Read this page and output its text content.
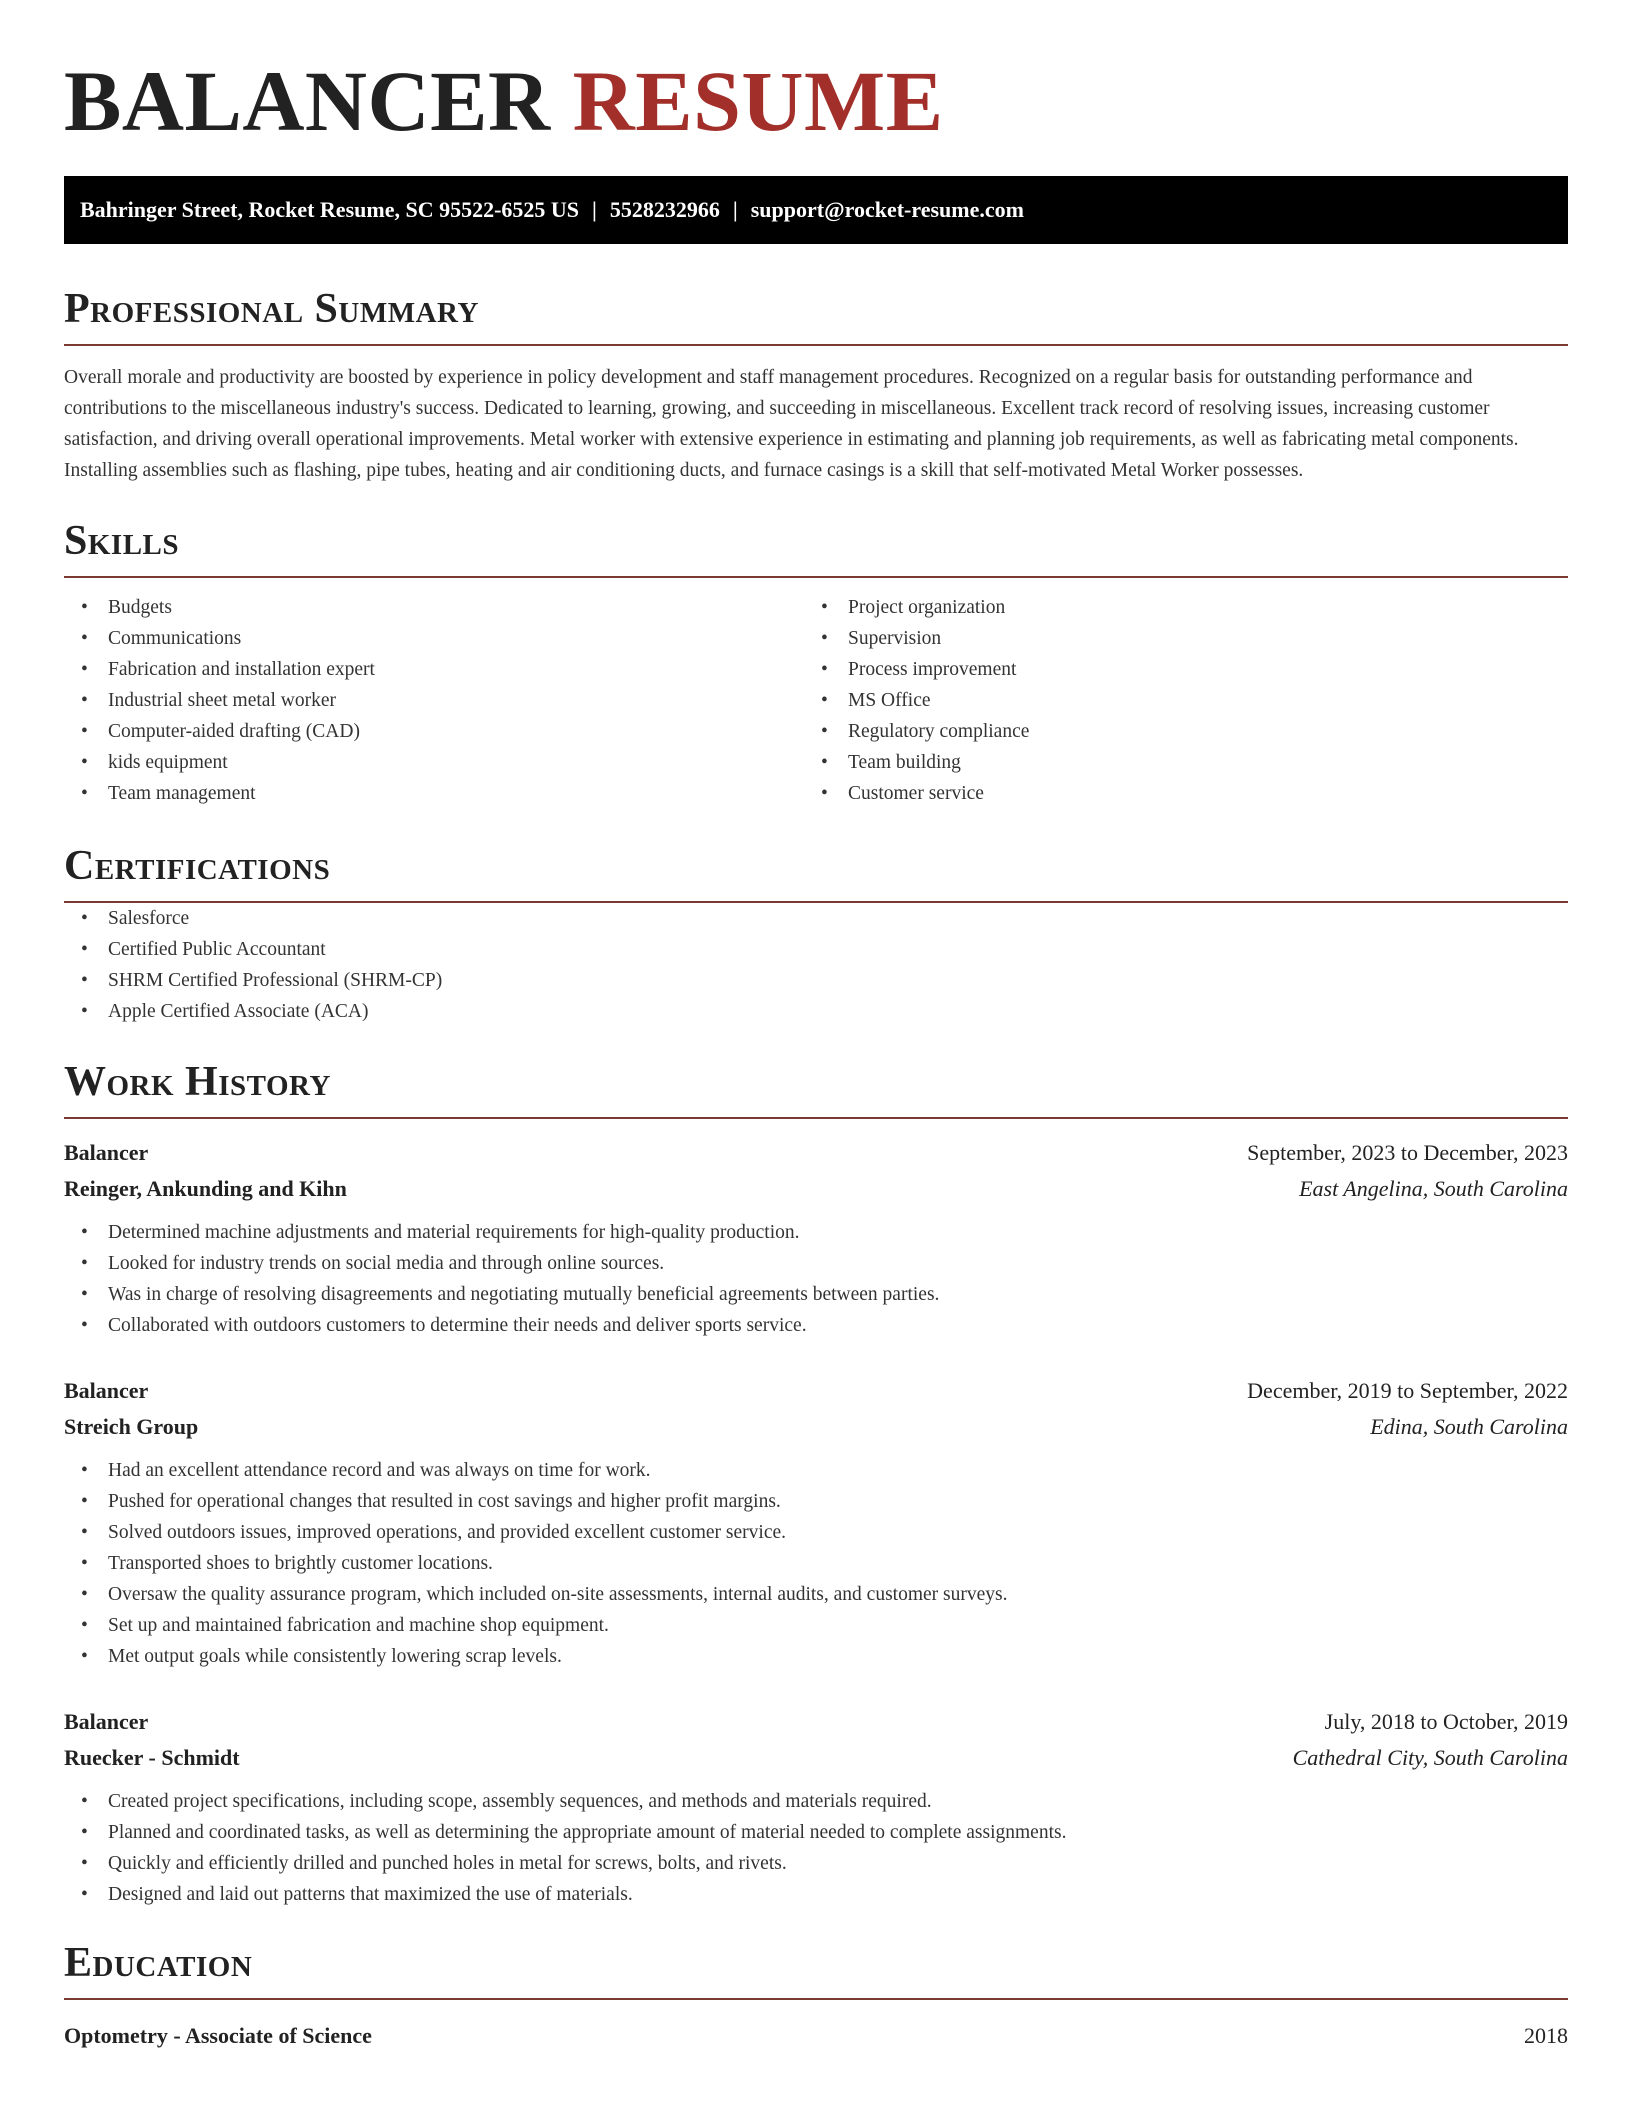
BALANCER RESUME
Bahringer Street, Rocket Resume, SC 95522-6525 US | 5528232966 | support@rocket-resume.com
Professional Summary

Overall morale and productivity are boosted by experience in policy development and staff management procedures. Recognized on a regular basis for outstanding performance and contributions to the miscellaneous industry's success. Dedicated to learning, growing, and succeeding in miscellaneous. Excellent track record of resolving issues, increasing customer satisfaction, and driving overall operational improvements. Metal worker with extensive experience in estimating and planning job requirements, as well as fabricating metal components. Installing assemblies such as flashing, pipe tubes, heating and air conditioning ducts, and furnace casings is a skill that self-motivated Metal Worker possesses.

Skills
• Budgets
• Communications
• Fabrication and installation expert
• Industrial sheet metal worker
• Computer-aided drafting (CAD)
• kids equipment
• Team management
• Project organization
• Supervision
• Process improvement
• MS Office
• Regulatory compliance
• Team building
• Customer service
Certifications
• Salesforce
• Certified Public Accountant
• SHRM Certified Professional (SHRM-CP)
• Apple Certified Associate (ACA)
Work History
Balancer	September, 2023 to December, 2023
Reinger, Ankunding and Kihn	East Angelina, South Carolina
• Determined machine adjustments and material requirements for high-quality production.
• Looked for industry trends on social media and through online sources.
• Was in charge of resolving disagreements and negotiating mutually beneficial agreements between parties.
• Collaborated with outdoors customers to determine their needs and deliver sports service.
Balancer	December, 2019 to September, 2022
Streich Group	Edina, South Carolina
• Had an excellent attendance record and was always on time for work.
• Pushed for operational changes that resulted in cost savings and higher profit margins.
• Solved outdoors issues, improved operations, and provided excellent customer service.
• Transported shoes to brightly customer locations.
• Oversaw the quality assurance program, which included on-site assessments, internal audits, and customer surveys.
• Set up and maintained fabrication and machine shop equipment.
• Met output goals while consistently lowering scrap levels.
Balancer	July, 2018 to October, 2019
Ruecker - Schmidt	Cathedral City, South Carolina
• Created project specifications, including scope, assembly sequences, and methods and materials required.
• Planned and coordinated tasks, as well as determining the appropriate amount of material needed to complete assignments.
• Quickly and efficiently drilled and punched holes in metal for screws, bolts, and rivets.
• Designed and laid out patterns that maximized the use of materials.
Education
Optometry - Associate of Science	2018
